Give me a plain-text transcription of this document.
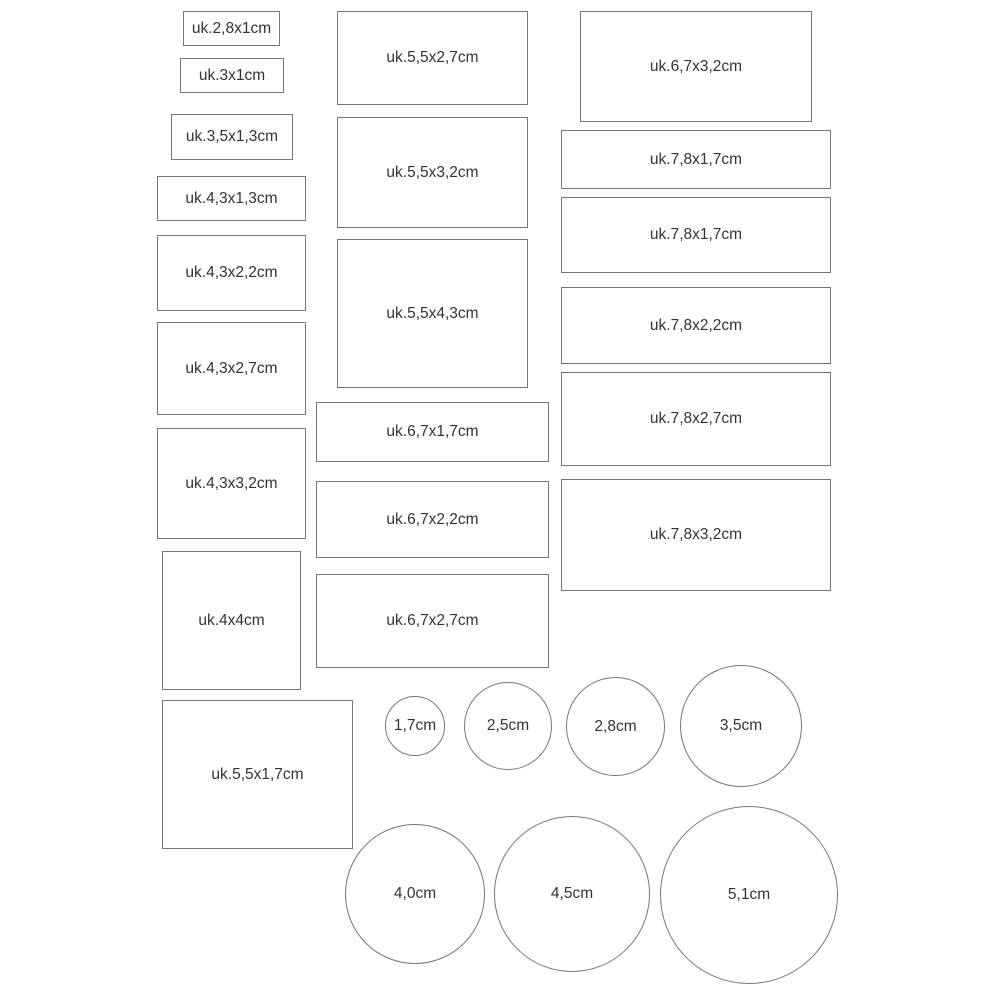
uk.2,8x1cm
uk.3x1cm
uk.3,5x1,3cm
uk.4,3x1,3cm
uk.4,3x2,2cm
uk.4,3x2,7cm
uk.4,3x3,2cm
uk.4x4cm
uk.5,5x1,7cm
uk.5,5x2,7cm
uk.5,5x3,2cm
uk.5,5x4,3cm
uk.6,7x1,7cm
uk.6,7x2,2cm
uk.6,7x2,7cm
uk.6,7x3,2cm
uk.7,8x1,7cm
uk.7,8x1,7cm
uk.7,8x2,2cm
uk.7,8x2,7cm
uk.7,8x3,2cm
1,7cm	2,5cm	2,8cm	3,5cm
4,0cm	4,5cm	5,1cm
